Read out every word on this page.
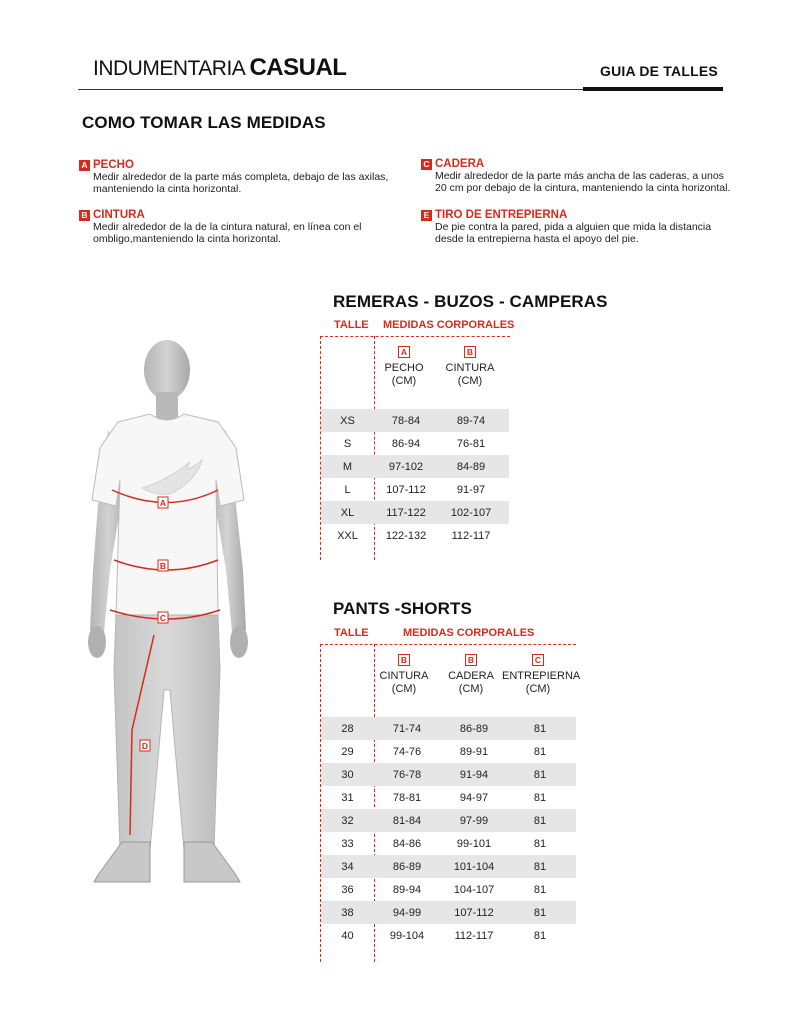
INDUMENTARIA CASUAL	GUIA DE TALLES
COMO TOMAR LAS MEDIDAS
A PECHO
Medir alrededor de la parte más completa, debajo de las axilas,
manteniendo la cinta horizontal.
B CINTURA
Medir alrededor de la de la cintura natural, en línea con el
ombligo,manteniendo la cinta horizontal.
C CADERA
Medir alrededor de la parte más ancha de las caderas, a unos
20 cm por debajo de la cintura, manteniendo la cinta horizontal.
E TIRO DE ENTREPIERNA
De pie contra la pared, pida a alguien que mida la distancia
desde la entrepierna hasta el apoyo del pie.
A
B
C
D
REMERAS - BUZOS - CAMPERAS
TALLE MEDIDAS CORPORALES
A
PECHO
(CM)
B
CINTURA
(CM)
XS	78-84	89-74
S	86-94	76-81
M	97-102	84-89
L	107-112	91-97
XL	117-122	102-107
XXL	122-132	112-117
PANTS -SHORTS
TALLE	MEDIDAS CORPORALES
B
CINTURA
(CM)
B
CADERA
(CM)
C
ENTREPIERNA
(CM)
28	71-74	86-89	81
29	74-76	89-91	81
30	76-78	91-94	81
31	78-81	94-97	81
32	81-84	97-99	81
33	84-86	99-101	81
34	86-89	101-104	81
36	89-94	104-107	81
38	94-99	107-112	81
40	99-104	112-117	81
